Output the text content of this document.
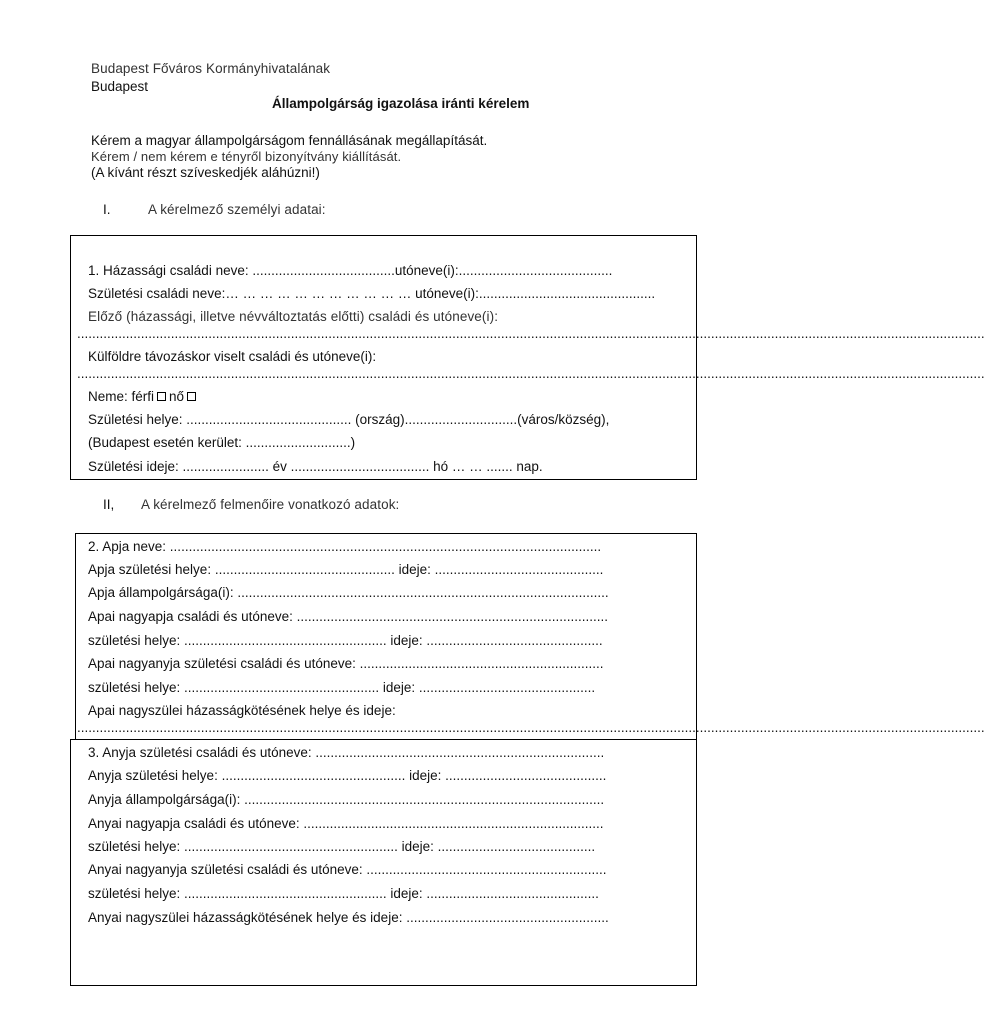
Budapest Főváros Kormányhivatalának
Budapest
Állampolgárság igazolása iránti kérelem
Kérem a magyar állampolgárságom fennállásának megállapítását.
Kérem / nem kérem e tényről bizonyítvány kiállítását.
(A kívánt részt szíveskedjék aláhúzni!)
I.	A kérelmező személyi adatai:
1. Házassági családi neve: ......................................utóneve(i):.........................................
Születési családi neve:… … … … … … … … … … … utóneve(i):...............................................
Előző (házassági, illetve névváltoztatás előtti) családi és utóneve(i):
..................................................................................................................................................................................................................................................
Külföldre távozáskor viselt családi és utóneve(i):
..................................................................................................................................................................................................................................................
Neme: férfi nő
Születési helye: ............................................ (ország)..............................(város/község),
(Budapest esetén kerület: ............................)
Születési ideje: ....................... év ..................................... hó … … ....... nap.
II, A kérelmező felmenőire vonatkozó adatok:
2. Apja neve: ...................................................................................................................
Apja születési helye: ................................................ ideje: .............................................
Apja állampolgársága(i): ...................................................................................................
Apai nagyapja családi és utóneve: ...................................................................................
születési helye: ...................................................... ideje: ...............................................
Apai nagyanyja születési családi és utóneve: .................................................................
születési helye: .................................................... ideje: ...............................................
Apai nagyszülei házasságkötésének helye és ideje:
..................................................................................................................................................................................................................................................
3. Anyja születési családi és utóneve: .............................................................................
Anyja születési helye: ................................................. ideje: ...........................................
Anyja állampolgársága(i): ................................................................................................
Anyai nagyapja családi és utóneve: ................................................................................
születési helye: ......................................................... ideje: ..........................................
Anyai nagyanyja születési családi és utóneve: ................................................................
születési helye: ...................................................... ideje: ..............................................
Anyai nagyszülei házasságkötésének helye és ideje: ......................................................
